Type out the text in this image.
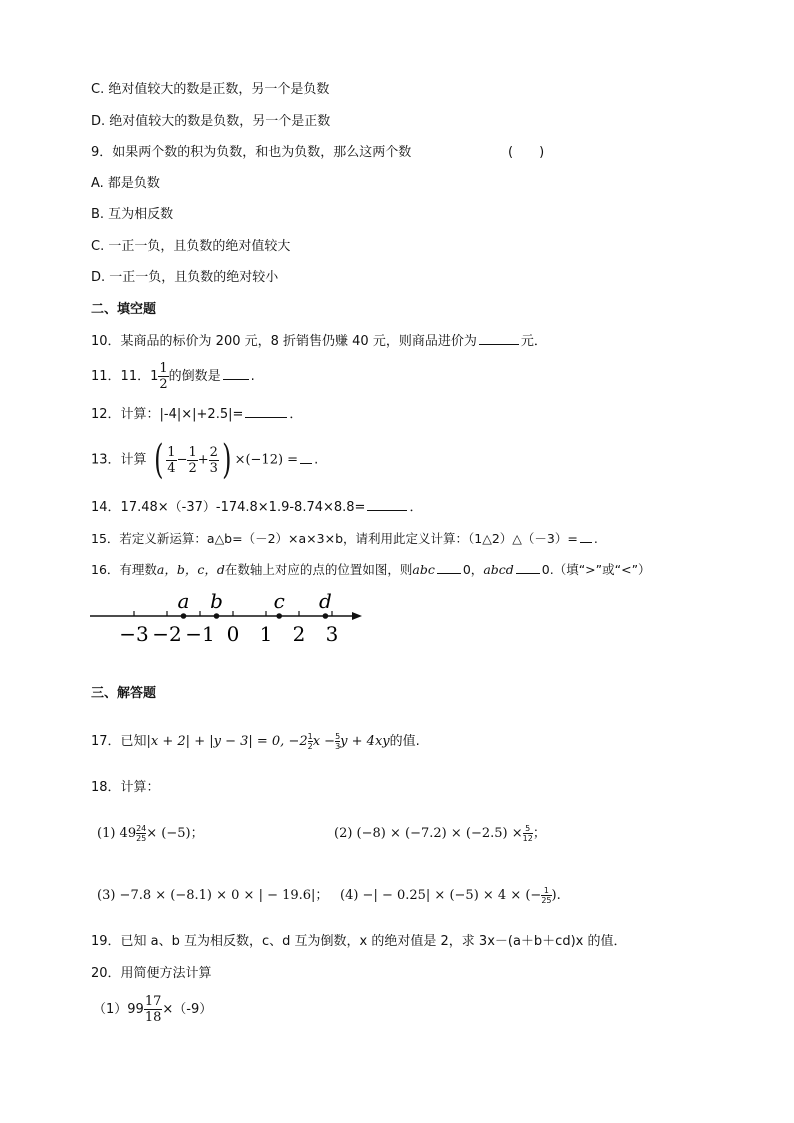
C. 绝对值较大的数是正数，另一个是负数
D. 绝对值较大的数是负数，另一个是正数
9．如果两个数的积为负数，和也为负数，那么这两个数	(　　)
A. 都是负数
B. 互为相反数
C. 一正一负，且负数的绝对值较大
D. 一正一负，且负数的绝对较小
二、填空题
10．某商品的标价为 200 元，8 折销售仍赚 40 元，则商品进价为	元．
11．11．$1 \frac{1}{2}$ 的倒数是 .
12．计算：|-4|×|+2.5|=	．
13．计算 ( $\frac{1}{4} - \frac{1}{2} + \frac{2}{3}$ ) ×(−12) = .
14．17.48×（-37）-174.8×1.9-8.74×8.8=	．
15．若定义新运算：a△b=（－2）×a×3×b，请利用此定义计算：（1△2）△（－3）= .
16．有理数a，b，c，d在数轴上对应的点的位置如图，则abc 0，abcd 0.（填“>”或“<”）
−3 −2 −1 0 1 2 3
a b	c d
三、解答题
17．已知|x + 2| + |y − 3| = 0, $-2 \frac{1}{2}$ $x - \frac{5}{3}$ y + 4xy的值.
18．计算：
(1) $49 \frac{24}{25} \times (-5)$；	(2) $(-8) \times (-7.2) \times (-2.5) \times \frac{5}{12}$ ；
(3) −7.8 × (−8.1) × 0 × | − 19.6|； (4) −| − 0.25| × (−5) × 4 × (− $\frac{1}{25}$ ).
19．已知 a、b 互为相反数，c、d 互为倒数，x 的绝对值是 2，求 3x－(a＋b＋cd)x 的值．
20．用简便方法计算
$(1)99 \frac{17}{18} \times(-9)$
